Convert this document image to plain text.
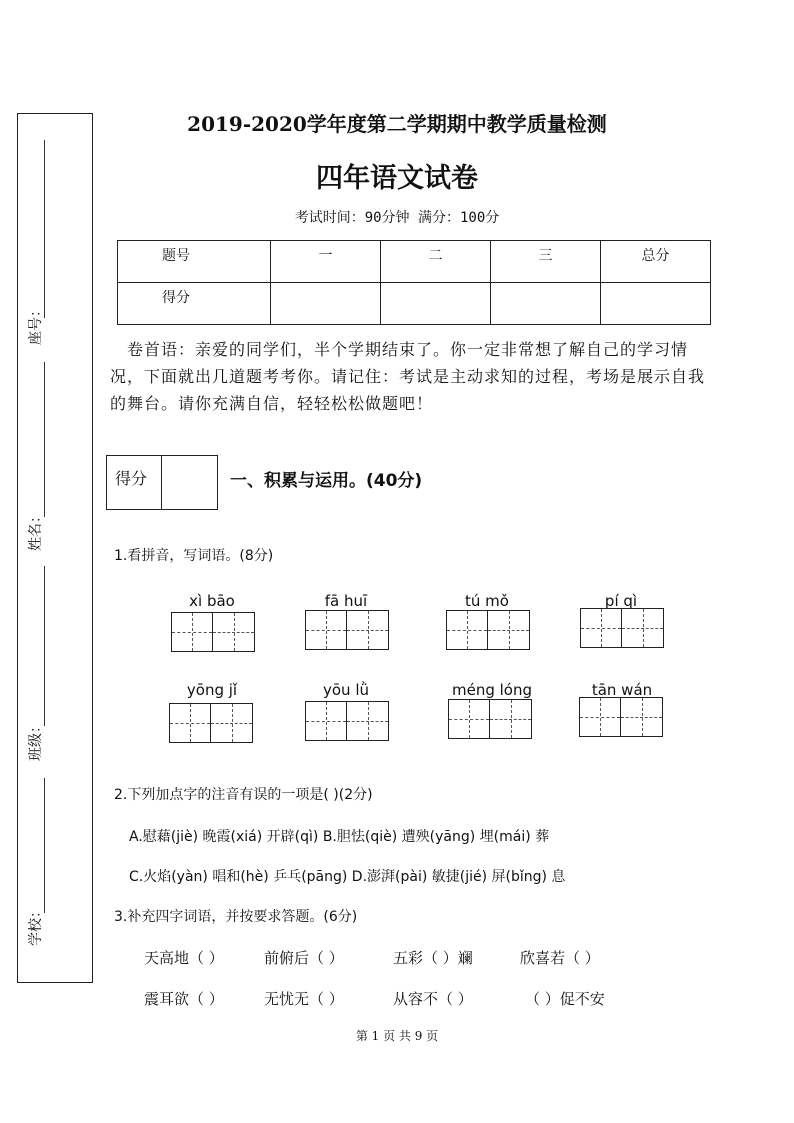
座号：
姓名：
班级：
学校：
2019-2020学年度第二学期期中教学质量检测
四年语文试卷
考试时间：90分钟 满分：100分
题号	一	二	三	总分
得分				
卷首语：亲爱的同学们，半个学期结束了。你一定非常想了解自己的学习情况，下面就出几道题考考你。请记住：考试是主动求知的过程，考场是展示自我的舞台。请你充满自信，轻轻松松做题吧！
得分	一、积累与运用。(40分)
1.看拼音，写词语。(8分)
xì bāo	fā huī	tú mǒ	pí qì
yōng jǐ	yōu lǜ	méng lóng	tān wán
2.下列加点字的注音有误的一项是( )(2分)
A.慰藉(jiè) 晚霞(xiá) 开辟(qì) B.胆怯(qiè) 遭殃(yāng) 埋(mái) 葬
C.火焰(yàn) 唱和(hè) 乒乓(pāng) D.澎湃(pài) 敏捷(jié) 屏(bǐng) 息
3.补充四字词语，并按要求答题。(6分)
天高地（ ）	前俯后（ ）	五彩（ ）斓	欣喜若（ ）
震耳欲（ ）	无忧无（ ）	从容不（ ）	（ ）促不安
第 1 页 共 9 页
